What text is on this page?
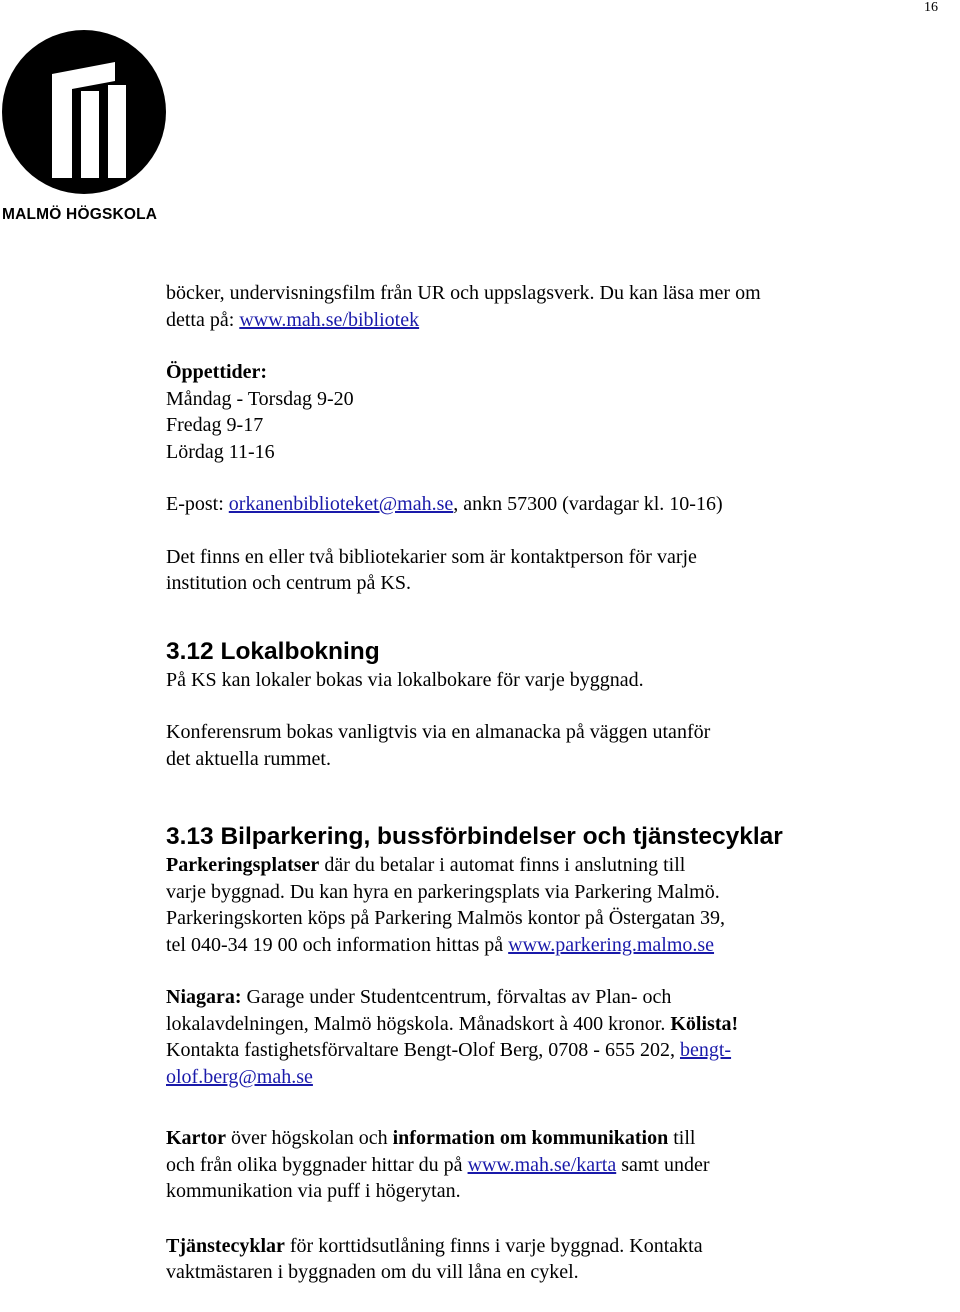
16
MALMÖ HÖGSKOLA

böcker, undervisningsfilm från UR och uppslagsverk. Du kan läsa mer om
detta på: www.mah.se/bibliotek

Öppettider:
Måndag - Torsdag 9-20
Fredag 9-17
Lördag 11-16

E-post: orkanenbiblioteket@mah.se, ankn 57300 (vardagar kl. 10-16)

Det finns en eller två bibliotekarier som är kontaktperson för varje
institution och centrum på KS.

3.12 Lokalbokning

På KS kan lokaler bokas via lokalbokare för varje byggnad.

Konferensrum bokas vanligtvis via en almanacka på väggen utanför
det aktuella rummet.

3.13 Bilparkering, bussförbindelser och tjänstecyklar

Parkeringsplatser där du betalar i automat finns i anslutning till
varje byggnad. Du kan hyra en parkeringsplats via Parkering Malmö.
Parkeringskorten köps på Parkering Malmös kontor på Östergatan 39,
tel 040-34 19 00 och information hittas på www.parkering.malmo.se

Niagara: Garage under Studentcentrum, förvaltas av Plan- och
lokalavdelningen, Malmö högskola. Månadskort à 400 kronor. Kölista!
Kontakta fastighetsförvaltare Bengt-Olof Berg, 0708 - 655 202, bengt-
olof.berg@mah.se

Kartor över högskolan och information om kommunikation till
och från olika byggnader hittar du på www.mah.se/karta samt under
kommunikation via puff i högerytan.

Tjänstecyklar för korttidsutlåning finns i varje byggnad. Kontakta
vaktmästaren i byggnaden om du vill låna en cykel.
